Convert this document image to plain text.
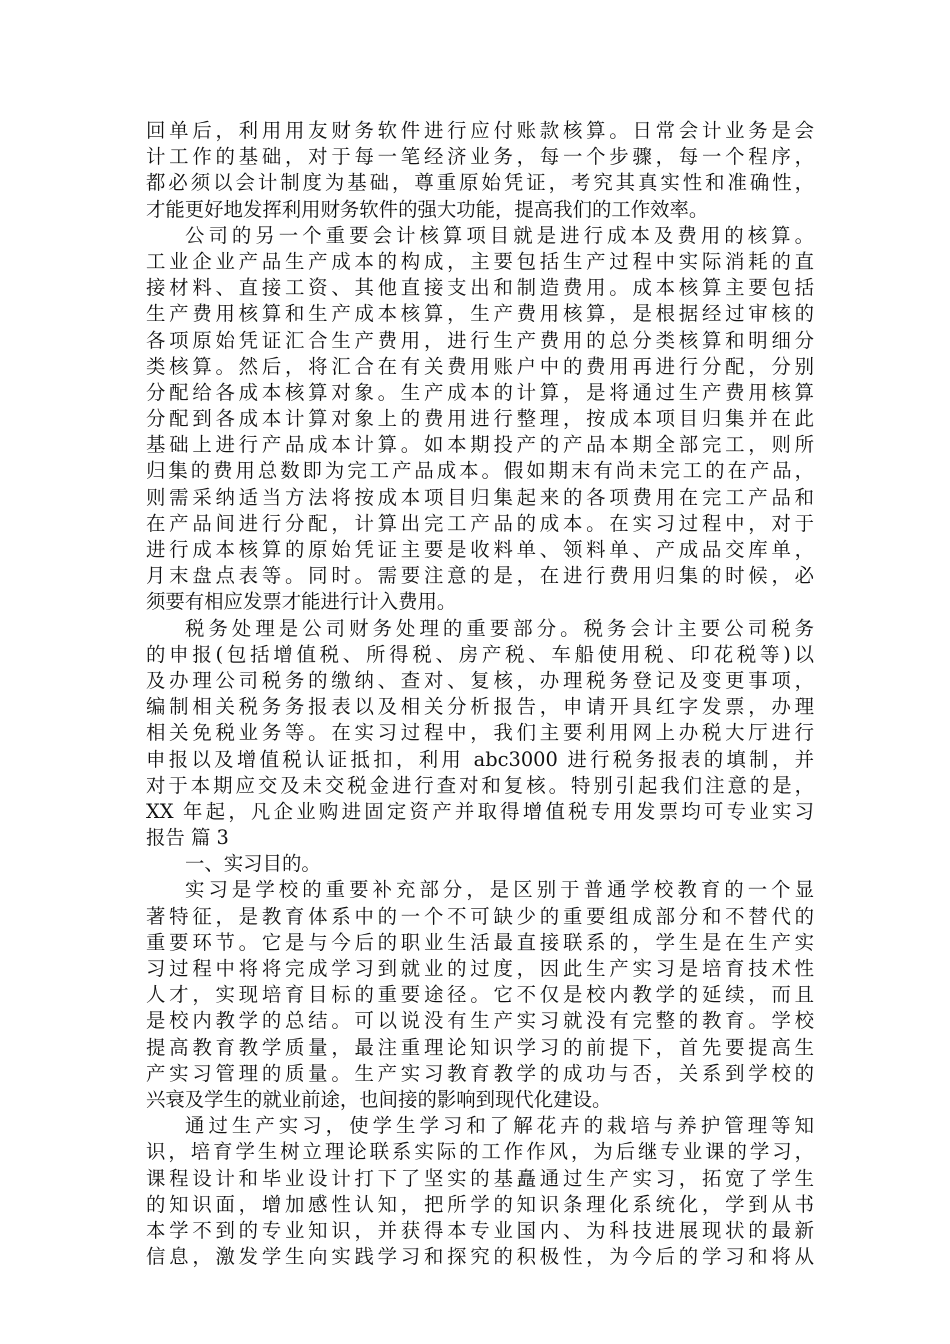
回单后，利用用友财务软件进行应付账款核算。日常会计业务是会
计工作的基础，对于每一笔经济业务，每一个步骤，每一个程序，
都必须以会计制度为基础，尊重原始凭证，考究其真实性和准确性，
才能更好地发挥利用财务软件的强大功能，提高我们的工作效率。
公司的另一个重要会计核算项目就是进行成本及费用的核算。
工业企业产品生产成本的构成，主要包括生产过程中实际消耗的直
接材料、直接工资、其他直接支出和制造费用。成本核算主要包括
生产费用核算和生产成本核算，生产费用核算，是根据经过审核的
各项原始凭证汇合生产费用，进行生产费用的总分类核算和明细分
类核算。然后，将汇合在有关费用账户中的费用再进行分配，分别
分配给各成本核算对象。生产成本的计算，是将通过生产费用核算
分配到各成本计算对象上的费用进行整理，按成本项目归集并在此
基础上进行产品成本计算。如本期投产的产品本期全部完工，则所
归集的费用总数即为完工产品成本。假如期末有尚未完工的在产品，
则需采纳适当方法将按成本项目归集起来的各项费用在完工产品和
在产品间进行分配，计算出完工产品的成本。在实习过程中，对于
进行成本核算的原始凭证主要是收料单、领料单、产成品交库单，
月末盘点表等。同时。需要注意的是，在进行费用归集的时候，必
须要有相应发票才能进行计入费用。
税务处理是公司财务处理的重要部分。税务会计主要公司税务
的申报(包括增值税、所得税、房产税、车船使用税、印花税等)以
及办理公司税务的缴纳、查对、复核，办理税务登记及变更事项，
编制相关税务务报表以及相关分析报告，申请开具红字发票，办理
相关免税业务等。在实习过程中，我们主要利用网上办税大厅进行
申报以及增值税认证抵扣，利用 abc3000 进行税务报表的填制，并
对于本期应交及未交税金进行查对和复核。特别引起我们注意的是，
XX 年起，凡企业购进固定资产并取得增值税专用发票均可专业实习
报告 篇 3
一、实习目的。
实习是学校的重要补充部分，是区别于普通学校教育的一个显
著特征，是教育体系中的一个不可缺少的重要组成部分和不替代的
重要环节。它是与今后的职业生活最直接联系的，学生是在生产实
习过程中将将完成学习到就业的过度，因此生产实习是培育技术性
人才，实现培育目标的重要途径。它不仅是校内教学的延续，而且
是校内教学的总结。可以说没有生产实习就没有完整的教育。学校
提高教育教学质量，最注重理论知识学习的前提下，首先要提高生
产实习管理的质量。生产实习教育教学的成功与否，关系到学校的
兴衰及学生的就业前途，也间接的影响到现代化建设。
通过生产实习，使学生学习和了解花卉的栽培与养护管理等知
识，培育学生树立理论联系实际的工作作风，为后继专业课的学习，
课程设计和毕业设计打下了坚实的基矗通过生产实习，拓宽了学生
的知识面，增加感性认知，把所学的知识条理化系统化，学到从书
本学不到的专业知识，并获得本专业国内、为科技进展现状的最新
信息，激发学生向实践学习和探究的积极性，为今后的学习和将从
